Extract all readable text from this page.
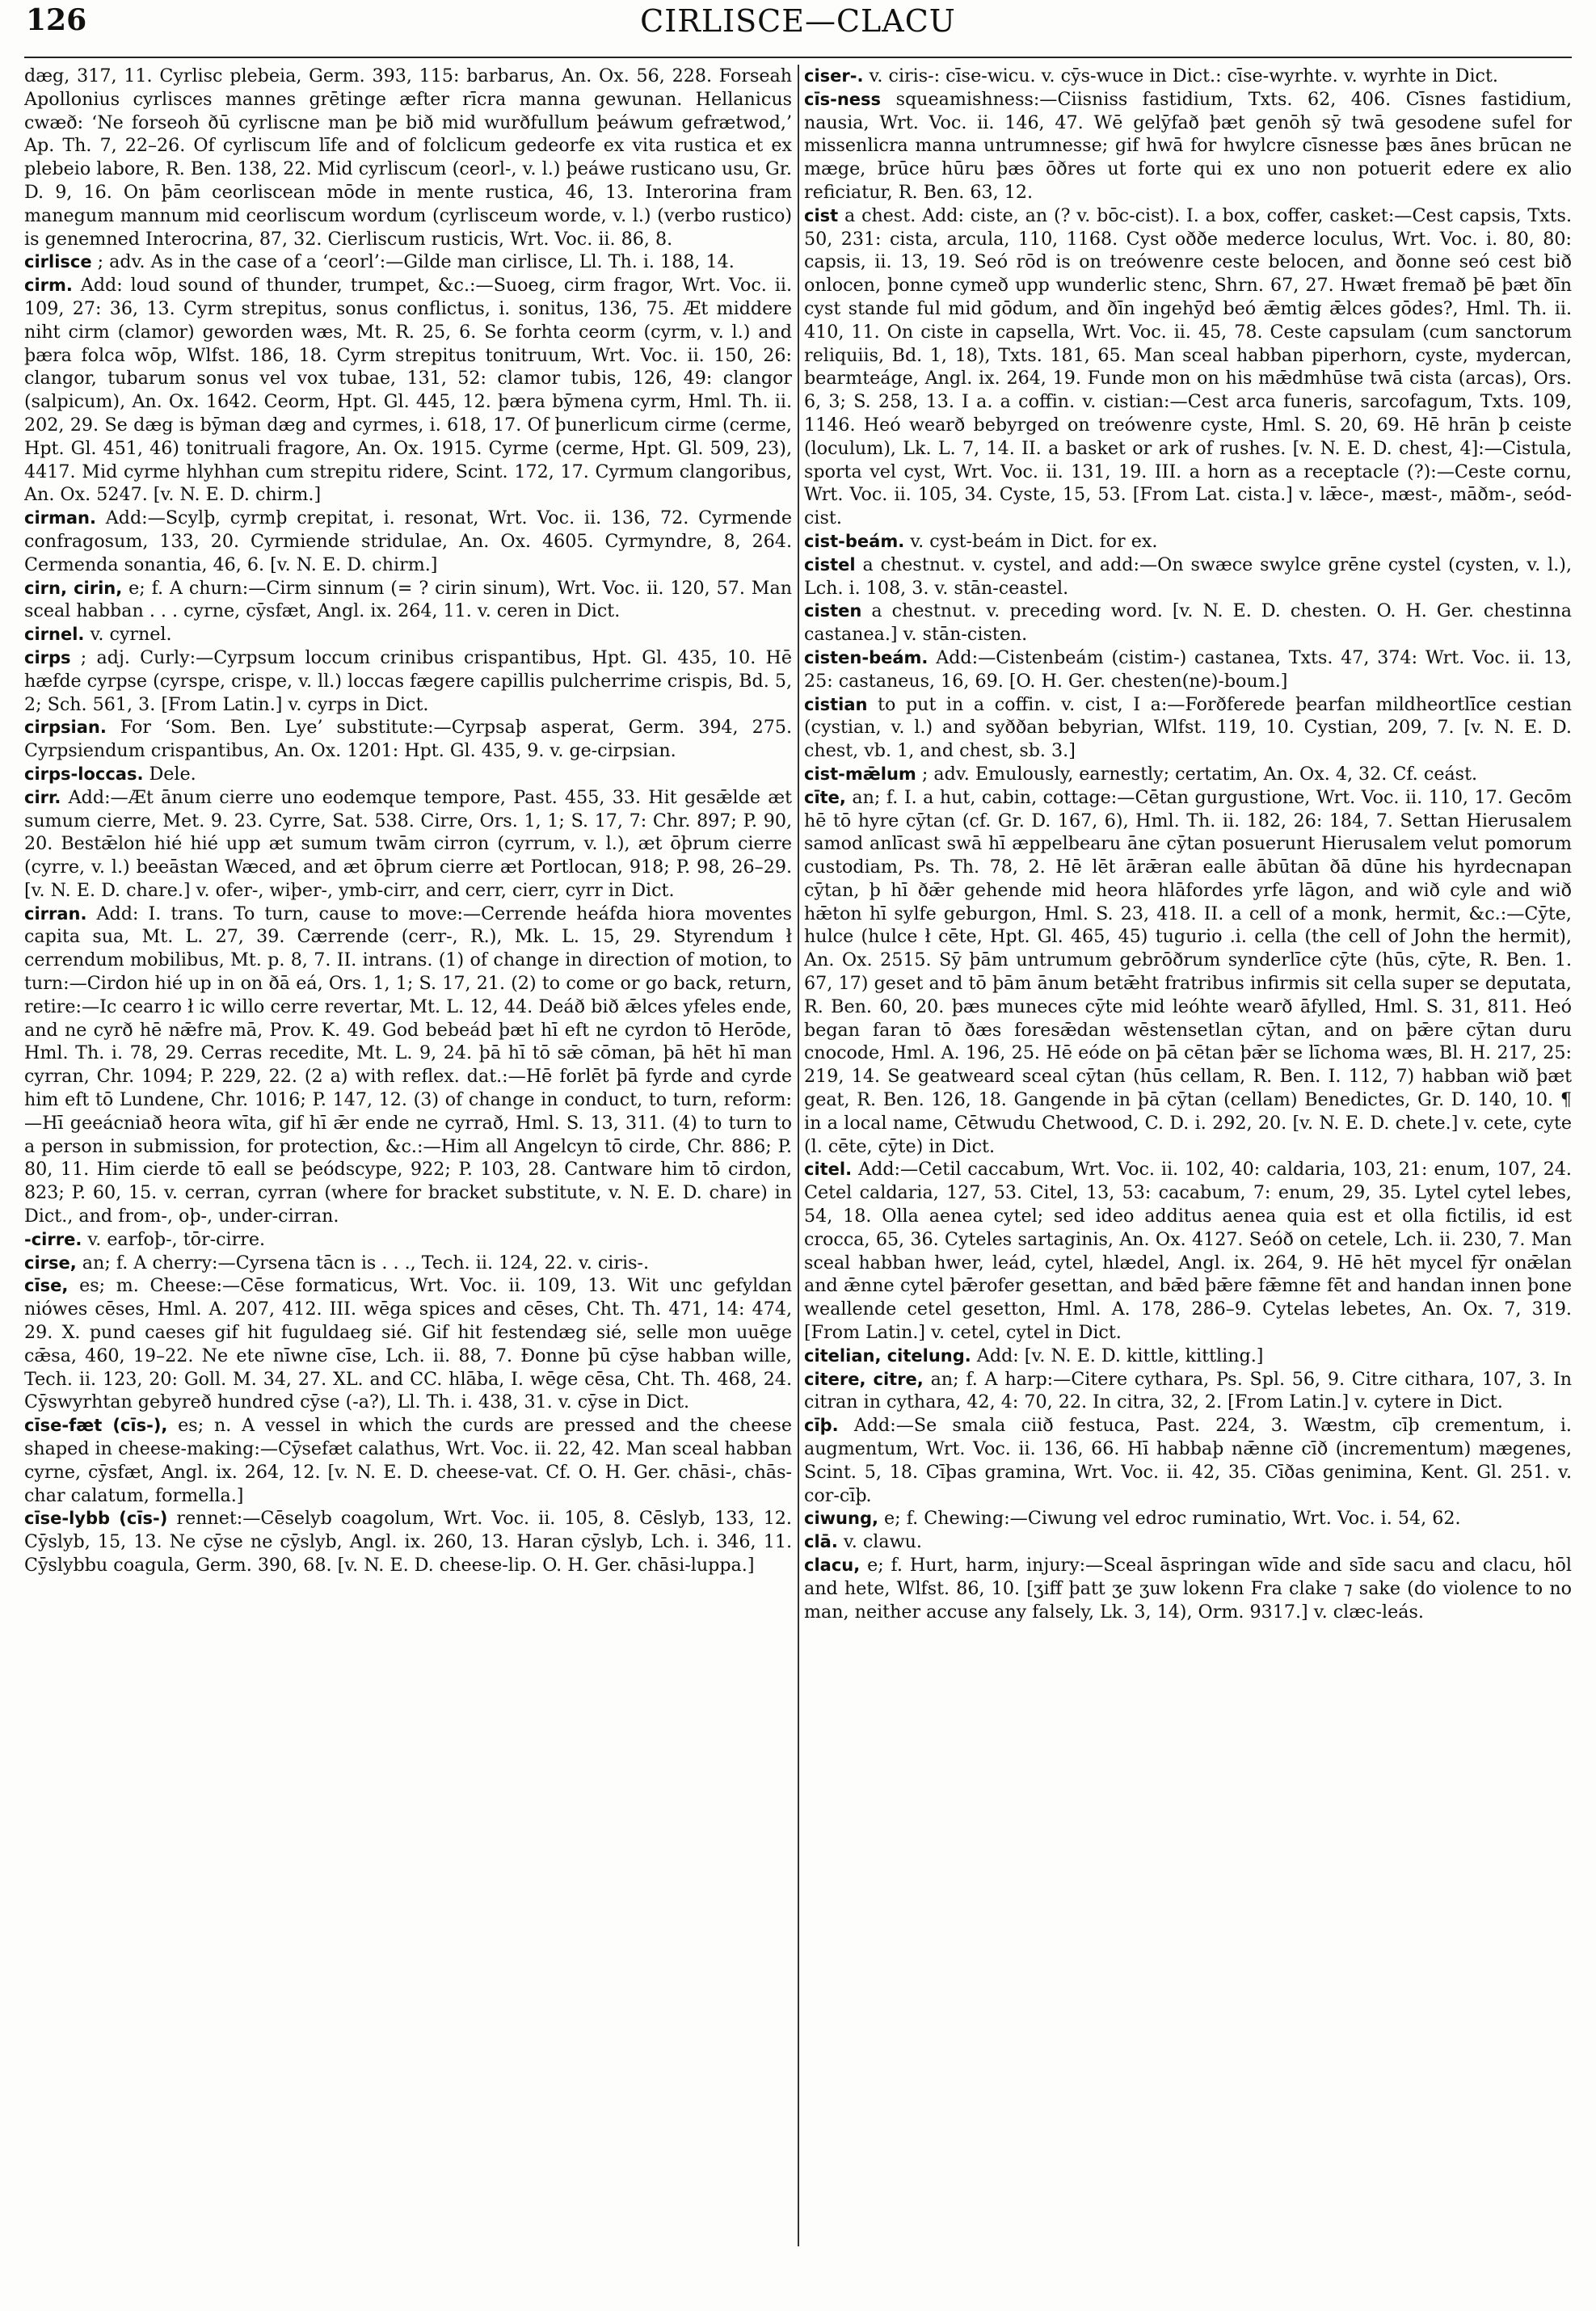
126	CIRLISCE—CLACU

dæg, 317, 11. Cyrlisc plebeia, Germ. 393, 115: barbarus, An. Ox. 56, 228. Forseah Apollonius cyrlisces mannes grētinge æfter rīcra manna gewunan. Hellanicus cwæð: ‘Ne forseoh ðū cyrliscne man þe bið mid wurðfullum þeáwum gefrætwod,’ Ap. Th. 7, 22–26. Of cyrliscum līfe and of folclicum gedeorfe ex vita rustica et ex plebeio labore, R. Ben. 138, 22. Mid cyrliscum (ceorl-, v. l.) þeáwe rusticano usu, Gr. D. 9, 16. On þām ceorliscean mōde in mente rustica, 46, 13. Interorina fram manegum mannum mid ceorliscum wordum (cyrlisceum worde, v. l.) (verbo rustico) is genemned Interocrina, 87, 32. Cierliscum rusticis, Wrt. Voc. ii. 86, 8.

cirlisce ; adv. As in the case of a ‘ceorl’:—Gilde man cirlisce, Ll. Th. i. 188, 14.

cirm. Add: loud sound of thunder, trumpet, &c.:—Suoeg, cirm fragor, Wrt. Voc. ii. 109, 27: 36, 13. Cyrm strepitus, sonus conflictus, i. sonitus, 136, 75. Æt middere niht cirm (clamor) geworden wæs, Mt. R. 25, 6. Se forhta ceorm (cyrm, v. l.) and þæra folca wōp, Wlfst. 186, 18. Cyrm strepitus tonitruum, Wrt. Voc. ii. 150, 26: clangor, tubarum sonus vel vox tubae, 131, 52: clamor tubis, 126, 49: clangor (salpicum), An. Ox. 1642. Ceorm, Hpt. Gl. 445, 12. þæra bȳmena cyrm, Hml. Th. ii. 202, 29. Se dæg is bȳman dæg and cyrmes, i. 618, 17. Of þunerlicum cirme (cerme, Hpt. Gl. 451, 46) tonitruali fragore, An. Ox. 1915. Cyrme (cerme, Hpt. Gl. 509, 23), 4417. Mid cyrme hlyhhan cum strepitu ridere, Scint. 172, 17. Cyrmum clangoribus, An. Ox. 5247. [v. N. E. D. chirm.]

cirman. Add:—Scylþ, cyrmþ crepitat, i. resonat, Wrt. Voc. ii. 136, 72. Cyrmende confragosum, 133, 20. Cyrmiende stridulae, An. Ox. 4605. Cyrmyndre, 8, 264. Cermenda sonantia, 46, 6. [v. N. E. D. chirm.]

cirn, cirin, e; f. A churn:—Cirm sinnum (= ? cirin sinum), Wrt. Voc. ii. 120, 57. Man sceal habban . . . cyrne, cȳsfæt, Angl. ix. 264, 11. v. ceren in Dict.

cirnel. v. cyrnel.

cirps ; adj. Curly:—Cyrpsum loccum crinibus crispantibus, Hpt. Gl. 435, 10. Hē hæfde cyrpse (cyrspe, crispe, v. ll.) loccas fægere capillis pulcherrime crispis, Bd. 5, 2; Sch. 561, 3. [From Latin.] v. cyrps in Dict.

cirpsian. For ‘Som. Ben. Lye’ substitute:—Cyrpsaþ asperat, Germ. 394, 275. Cyrpsiendum crispantibus, An. Ox. 1201: Hpt. Gl. 435, 9. v. ge-cirpsian.

cirps-loccas. Dele.

cirr. Add:—Æt ānum cierre uno eodemque tempore, Past. 455, 33. Hit gesǣlde æt sumum cierre, Met. 9. 23. Cyrre, Sat. 538. Cirre, Ors. 1, 1; S. 17, 7: Chr. 897; P. 90, 20. Bestǣlon hié hié upp æt sumum twām cirron (cyrrum, v. l.), æt ōþrum cierre (cyrre, v. l.) beeāstan Wæced, and æt ōþrum cierre æt Portlocan, 918; P. 98, 26–29. [v. N. E. D. chare.] v. ofer-, wiþer-, ymb-cirr, and cerr, cierr, cyrr in Dict.

cirran. Add: I. trans. To turn, cause to move:—Cerrende heáfda hiora moventes capita sua, Mt. L. 27, 39. Cærrende (cerr-, R.), Mk. L. 15, 29. Styrendum ł cerrendum mobilibus, Mt. p. 8, 7. II. intrans. (1) of change in direction of motion, to turn:—Cirdon hié up in on ðā eá, Ors. 1, 1; S. 17, 21. (2) to come or go back, return, retire:—Ic cearro ł ic willo cerre revertar, Mt. L. 12, 44. Deáð bið ǣlces yfeles ende, and ne cyrð hē nǣfre mā, Prov. K. 49. God bebeád þæt hī eft ne cyrdon tō Herōde, Hml. Th. i. 78, 29. Cerras recedite, Mt. L. 9, 24. þā hī tō sǣ cōman, þā hēt hī man cyrran, Chr. 1094; P. 229, 22. (2 a) with reflex. dat.:—Hē forlēt þā fyrde and cyrde him eft tō Lundene, Chr. 1016; P. 147, 12. (3) of change in conduct, to turn, reform:—Hī geeácniað heora wīta, gif hī ǣr ende ne cyrrað, Hml. S. 13, 311. (4) to turn to a person in submission, for protection, &c.:—Him all Angelcyn tō cirde, Chr. 886; P. 80, 11. Him cierde tō eall se þeódscype, 922; P. 103, 28. Cantware him tō cirdon, 823; P. 60, 15. v. cerran, cyrran (where for bracket substitute, v. N. E. D. chare) in Dict., and from-, oþ-, under-cirran.

-cirre. v. earfoþ-, tōr-cirre.

cirse, an; f. A cherry:—Cyrsena tācn is . . ., Tech. ii. 124, 22. v. ciris-.

cīse, es; m. Cheese:—Cēse formaticus, Wrt. Voc. ii. 109, 13. Wit unc gefyldan niówes cēses, Hml. A. 207, 412. III. wēga spices and cēses, Cht. Th. 471, 14: 474, 29. X. pund caeses gif hit fuguldaeg sié. Gif hit festendæg sié, selle mon uuēge cǣsa, 460, 19–22. Ne ete nīwne cīse, Lch. ii. 88, 7. Ðonne þū cȳse habban wille, Tech. ii. 123, 20: Goll. M. 34, 27. XL. and CC. hlāba, I. wēge cēsa, Cht. Th. 468, 24. Cȳswyrhtan gebyreð hundred cȳse (-a?), Ll. Th. i. 438, 31. v. cȳse in Dict.

cīse-fæt (cīs-), es; n. A vessel in which the curds are pressed and the cheese shaped in cheese-making:—Cȳsefæt calathus, Wrt. Voc. ii. 22, 42. Man sceal habban cyrne, cȳsfæt, Angl. ix. 264, 12. [v. N. E. D. cheese-vat. Cf. O. H. Ger. chāsi-, chās-char calatum, formella.]

cīse-lybb (cīs-) rennet:—Cēselyb coagolum, Wrt. Voc. ii. 105, 8. Cēslyb, 133, 12. Cȳslyb, 15, 13. Ne cȳse ne cȳslyb, Angl. ix. 260, 13. Haran cȳslyb, Lch. i. 346, 11. Cȳslybbu coagula, Germ. 390, 68. [v. N. E. D. cheese-lip. O. H. Ger. chāsi-luppa.]

ciser-. v. ciris-: cīse-wicu. v. cȳs-wuce in Dict.: cīse-wyrhte. v. wyrhte in Dict.

cīs-ness squeamishness:—Ciisniss fastidium, Txts. 62, 406. Cīsnes fastidium, nausia, Wrt. Voc. ii. 146, 47. Wē gelȳfað þæt genōh sȳ twā gesodene sufel for missenlicra manna untrumnesse; gif hwā for hwylcre cīsnesse þæs ānes brūcan ne mæge, brūce hūru þæs ōðres ut forte qui ex uno non potuerit edere ex alio reficiatur, R. Ben. 63, 12.

cist a chest. Add: ciste, an (? v. bōc-cist). I. a box, coffer, casket:—Cest capsis, Txts. 50, 231: cista, arcula, 110, 1168. Cyst oððe mederce loculus, Wrt. Voc. i. 80, 80: capsis, ii. 13, 19. Seó rōd is on treówenre ceste belocen, and ðonne seó cest bið onlocen, þonne cymeð upp wunderlic stenc, Shrn. 67, 27. Hwæt fremað þē þæt ðīn cyst stande ful mid gōdum, and ðīn ingehȳd beó ǣmtig ǣlces gōdes?, Hml. Th. ii. 410, 11. On ciste in capsella, Wrt. Voc. ii. 45, 78. Ceste capsulam (cum sanctorum reliquiis, Bd. 1, 18), Txts. 181, 65. Man sceal habban piperhorn, cyste, mydercan, bearmteáge, Angl. ix. 264, 19. Funde mon on his mǣdmhūse twā cista (arcas), Ors. 6, 3; S. 258, 13. I a. a coffin. v. cistian:—Cest arca funeris, sarcofagum, Txts. 109, 1146. Heó wearð bebyrged on treówenre cyste, Hml. S. 20, 69. Hē hrān þ ceiste (loculum), Lk. L. 7, 14. II. a basket or ark of rushes. [v. N. E. D. chest, 4]:—Cistula, sporta vel cyst, Wrt. Voc. ii. 131, 19. III. a horn as a receptacle (?):—Ceste cornu, Wrt. Voc. ii. 105, 34. Cyste, 15, 53. [From Lat. cista.] v. lǣce-, mæst-, māðm-, seód-cist.

cist-beám. v. cyst-beám in Dict. for ex.

cistel a chestnut. v. cystel, and add:—On swæce swylce grēne cystel (cysten, v. l.), Lch. i. 108, 3. v. stān-ceastel.

cisten a chestnut. v. preceding word. [v. N. E. D. chesten. O. H. Ger. chestinna castanea.] v. stān-cisten.

cisten-beám. Add:—Cistenbeám (cistim-) castanea, Txts. 47, 374: Wrt. Voc. ii. 13, 25: castaneus, 16, 69. [O. H. Ger. chesten(ne)-boum.]

cistian to put in a coffin. v. cist, I a:—Forðferede þearfan mildheortlīce cestian (cystian, v. l.) and syððan bebyrian, Wlfst. 119, 10. Cystian, 209, 7. [v. N. E. D. chest, vb. 1, and chest, sb. 3.]

cist-mǣlum ; adv. Emulously, earnestly; certatim, An. Ox. 4, 32. Cf. ceást.

cīte, an; f. I. a hut, cabin, cottage:—Cētan gurgustione, Wrt. Voc. ii. 110, 17. Gecōm hē tō hyre cȳtan (cf. Gr. D. 167, 6), Hml. Th. ii. 182, 26: 184, 7. Settan Hierusalem samod anlīcast swā hī æppelbearu āne cȳtan posuerunt Hierusalem velut pomorum custodiam, Ps. Th. 78, 2. Hē lēt ārǣran ealle ābūtan ðā dūne his hyrdecnapan cȳtan, þ hī ðǣr gehende mid heora hlāfordes yrfe lāgon, and wið cyle and wið hǣton hī sylfe geburgon, Hml. S. 23, 418. II. a cell of a monk, hermit, &c.:—Cȳte, hulce (hulce ł cēte, Hpt. Gl. 465, 45) tugurio .i. cella (the cell of John the hermit), An. Ox. 2515. Sȳ þām untrumum gebrōðrum synderlīce cȳte (hūs, cȳte, R. Ben. 1. 67, 17) geset and tō þām ānum betǣht fratribus infirmis sit cella super se deputata, R. Ben. 60, 20. þæs muneces cȳte mid leóhte wearð āfylled, Hml. S. 31, 811. Heó began faran tō ðæs foresǣdan wēstensetlan cȳtan, and on þǣre cȳtan duru cnocode, Hml. A. 196, 25. Hē eóde on þā cētan þǣr se līchoma wæs, Bl. H. 217, 25: 219, 14. Se geatweard sceal cȳtan (hūs cellam, R. Ben. I. 112, 7) habban wið þæt geat, R. Ben. 126, 18. Gangende in þā cȳtan (cellam) Benedictes, Gr. D. 140, 10. ¶ in a local name, Cētwudu Chetwood, C. D. i. 292, 20. [v. N. E. D. chete.] v. cete, cyte (l. cēte, cȳte) in Dict.

citel. Add:—Cetil caccabum, Wrt. Voc. ii. 102, 40: caldaria, 103, 21: enum, 107, 24. Cetel caldaria, 127, 53. Citel, 13, 53: cacabum, 7: enum, 29, 35. Lytel cytel lebes, 54, 18. Olla aenea cytel; sed ideo additus aenea quia est et olla fictilis, id est crocca, 65, 36. Cyteles sartaginis, An. Ox. 4127. Seóð on cetele, Lch. ii. 230, 7. Man sceal habban hwer, leád, cytel, hlædel, Angl. ix. 264, 9. Hē hēt mycel fȳr onǣlan and ǣnne cytel þǣrofer gesettan, and bǣd þǣre fǣmne fēt and handan innen þone weallende cetel gesetton, Hml. A. 178, 286–9. Cytelas lebetes, An. Ox. 7, 319. [From Latin.] v. cetel, cytel in Dict.

citelian, citelung. Add: [v. N. E. D. kittle, kittling.]

citere, citre, an; f. A harp:—Citere cythara, Ps. Spl. 56, 9. Citre cithara, 107, 3. In citran in cythara, 42, 4: 70, 22. In citra, 32, 2. [From Latin.] v. cytere in Dict.

cīþ. Add:—Se smala ciið festuca, Past. 224, 3. Wæstm, cīþ crementum, i. augmentum, Wrt. Voc. ii. 136, 66. Hī habbaþ nǣnne cīð (incrementum) mægenes, Scint. 5, 18. Cīþas gramina, Wrt. Voc. ii. 42, 35. Cīðas genimina, Kent. Gl. 251. v. cor-cīþ.

ciwung, e; f. Chewing:—Ciwung vel edroc ruminatio, Wrt. Voc. i. 54, 62.

clā. v. clawu.

clacu, e; f. Hurt, harm, injury:—Sceal āspringan wīde and sīde sacu and clacu, hōl and hete, Wlfst. 86, 10. [ʒiff þatt ʒe ʒuw lokenn Fra clake ⁊ sake (do violence to no man, neither accuse any falsely, Lk. 3, 14), Orm. 9317.] v. clæc-leás.
